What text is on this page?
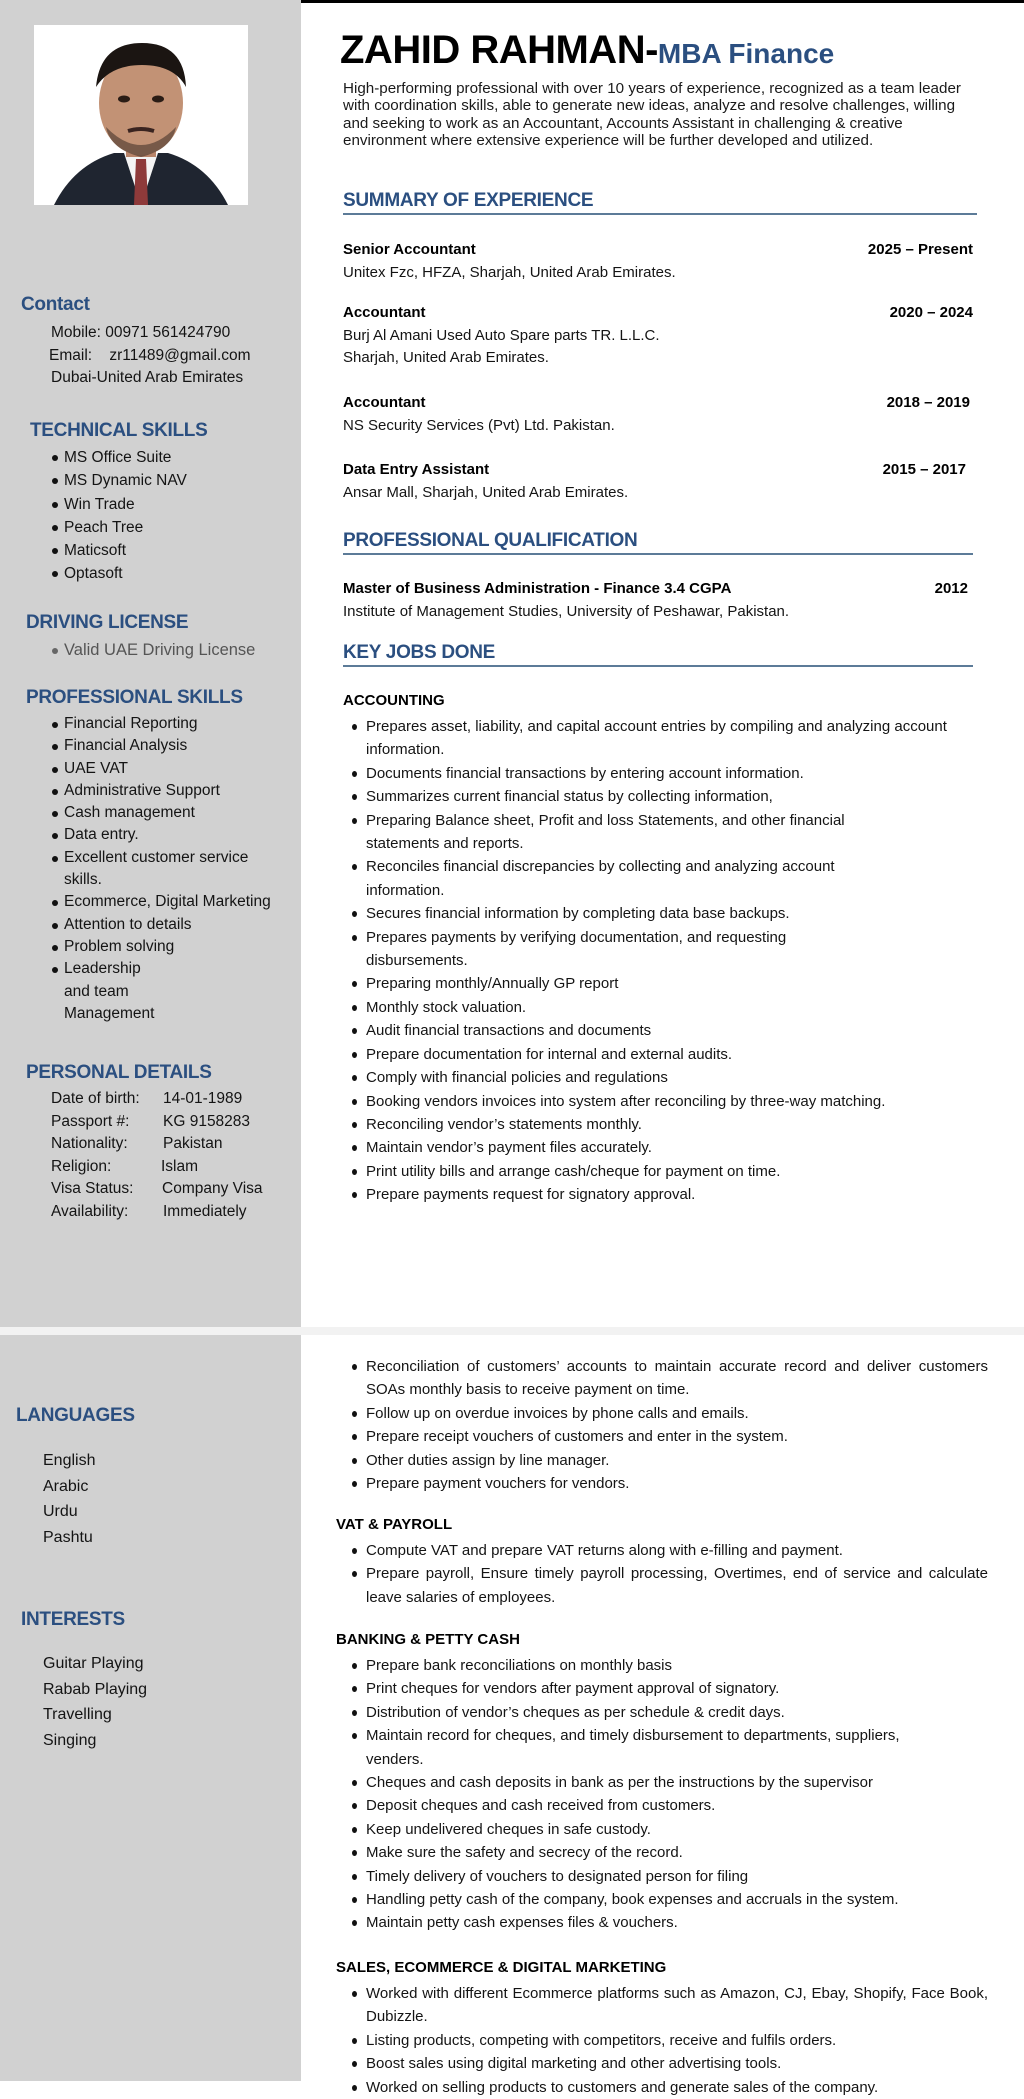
Contact
Mobile: 00971 561424790
Email: zr11489@gmail.com
Dubai-United Arab Emirates
TECHNICAL SKILLS
MS Office Suite
MS Dynamic NAV
Win Trade
Peach Tree
Maticsoft
Optasoft
DRIVING LICENSE
Valid UAE Driving License
PROFESSIONAL SKILLS
Financial Reporting
Financial Analysis
UAE VAT
Administrative Support
Cash management
Data entry.
Excellent customer service skills.
Ecommerce, Digital Marketing
Attention to details
Problem solving
Leadership and team Management
PERSONAL DETAILS
Date of birth:	14-01-1989
Passport #:	KG 9158283
Nationality:	Pakistan
Religion:	Islam
Visa Status:	Company Visa
Availability:	Immediately
ZAHID RAHMAN-MBA Finance
High-performing professional with over 10 years of experience, recognized as a team leader with coordination skills, able to generate new ideas, analyze and resolve challenges, willing and seeking to work as an Accountant, Accounts Assistant in challenging & creative environment where extensive experience will be further developed and utilized.
SUMMARY OF EXPERIENCE
Senior Accountant	2025 – Present
Unitex Fzc, HFZA, Sharjah, United Arab Emirates.
Accountant	2020 – 2024
Burj Al Amani Used Auto Spare parts TR. L.L.C.
Sharjah, United Arab Emirates.
Accountant	2018 – 2019
NS Security Services (Pvt) Ltd. Pakistan.
Data Entry Assistant	2015 – 2017
Ansar Mall, Sharjah, United Arab Emirates.
PROFESSIONAL QUALIFICATION
Master of Business Administration - Finance 3.4 CGPA	2012
Institute of Management Studies, University of Peshawar, Pakistan.
KEY JOBS DONE
ACCOUNTING
Prepares asset, liability, and capital account entries by compiling and analyzing account information.
Documents financial transactions by entering account information.
Summarizes current financial status by collecting information,
Preparing Balance sheet, Profit and loss Statements, and other financial statements and reports.
Reconciles financial discrepancies by collecting and analyzing account information.
Secures financial information by completing data base backups.
Prepares payments by verifying documentation, and requesting disbursements.
Preparing monthly/Annually GP report
Monthly stock valuation.
Audit financial transactions and documents
Prepare documentation for internal and external audits.
Comply with financial policies and regulations
Booking vendors invoices into system after reconciling by three-way matching.
Reconciling vendor’s statements monthly.
Maintain vendor’s payment files accurately.
Print utility bills and arrange cash/cheque for payment on time.
Prepare payments request for signatory approval.
LANGUAGES
English
Arabic
Urdu
Pashtu
INTERESTS
Guitar Playing
Rabab Playing
Travelling
Singing
Reconciliation of customers’ accounts to maintain accurate record and deliver customers SOAs monthly basis to receive payment on time.
Follow up on overdue invoices by phone calls and emails.
Prepare receipt vouchers of customers and enter in the system.
Other duties assign by line manager.
Prepare payment vouchers for vendors.
VAT & PAYROLL
Compute VAT and prepare VAT returns along with e-filling and payment.
Prepare payroll, Ensure timely payroll processing, Overtimes, end of service and calculate leave salaries of employees.
BANKING & PETTY CASH
Prepare bank reconciliations on monthly basis
Print cheques for vendors after payment approval of signatory.
Distribution of vendor’s cheques as per schedule & credit days.
Maintain record for cheques, and timely disbursement to departments, suppliers, venders.
Cheques and cash deposits in bank as per the instructions by the supervisor
Deposit cheques and cash received from customers.
Keep undelivered cheques in safe custody.
Make sure the safety and secrecy of the record.
Timely delivery of vouchers to designated person for filing
Handling petty cash of the company, book expenses and accruals in the system.
Maintain petty cash expenses files & vouchers.
SALES, ECOMMERCE & DIGITAL MARKETING
Worked with different Ecommerce platforms such as Amazon, CJ, Ebay, Shopify, Face Book, Dubizzle.
Listing products, competing with competitors, receive and fulfils orders.
Boost sales using digital marketing and other advertising tools.
Worked on selling products to customers and generate sales of the company.
